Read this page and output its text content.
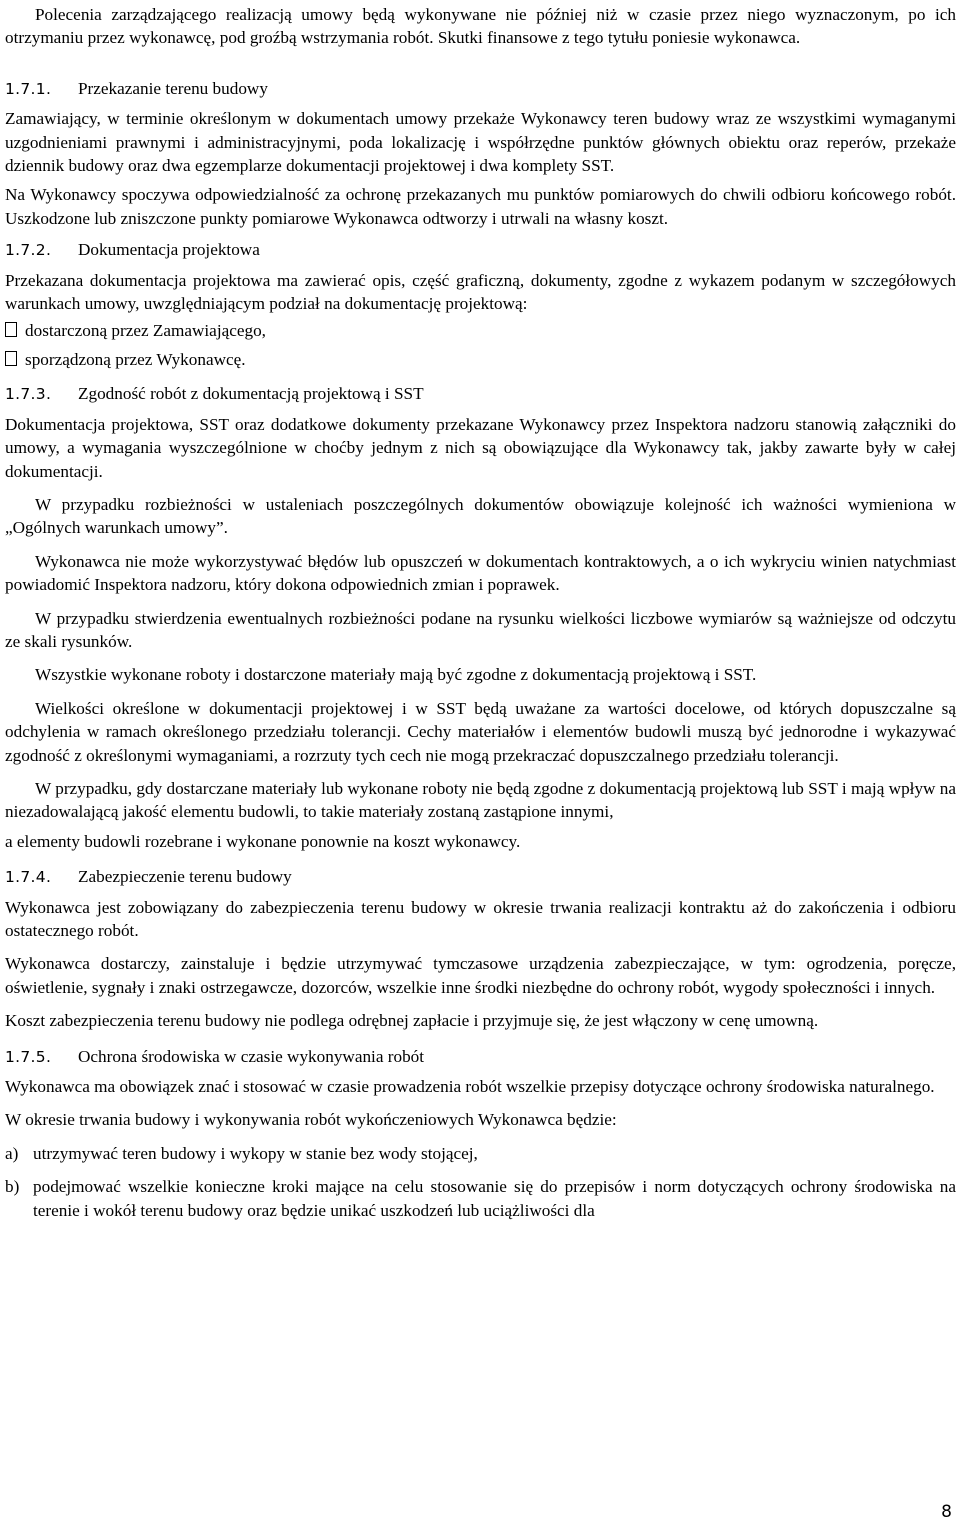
Polecenia zarządzającego realizacją umowy będą wykonywane nie później niż w czasie przez niego wyznaczonym, po ich otrzymaniu przez wykonawcę, pod groźbą wstrzymania robót. Skutki finansowe z tego tytułu poniesie wykonawca.

1.7.1. Przekazanie terenu budowy

Zamawiający, w terminie określonym w dokumentach umowy przekaże Wykonawcy teren budowy wraz ze wszystkimi wymaganymi uzgodnieniami prawnymi i administracyjnymi, poda lokalizację i współrzędne punktów głównych obiektu oraz reperów, przekaże dziennik budowy oraz dwa egzemplarze dokumentacji projektowej i dwa komplety SST.

Na Wykonawcy spoczywa odpowiedzialność za ochronę przekazanych mu punktów pomiarowych do chwili odbioru końcowego robót. Uszkodzone lub zniszczone punkty pomiarowe Wykonawca odtworzy i utrwali na własny koszt.

1.7.2. Dokumentacja projektowa

Przekazana dokumentacja projektowa ma zawierać opis, część graficzną, dokumenty, zgodne z wykazem podanym w szczegółowych warunkach umowy, uwzględniającym podział na dokumentację projektową:

dostarczoną przez Zamawiającego,
sporządzoną przez Wykonawcę.
1.7.3. Zgodność robót z dokumentacją projektową i SST

Dokumentacja projektowa, SST oraz dodatkowe dokumenty przekazane Wykonawcy przez Inspektora nadzoru stanowią załączniki do umowy, a wymagania wyszczególnione w choćby jednym z nich są obowiązujące dla Wykonawcy tak, jakby zawarte były w całej dokumentacji.

W przypadku rozbieżności w ustaleniach poszczególnych dokumentów obowiązuje kolejność ich ważności wymieniona w „Ogólnych warunkach umowy”.

Wykonawca nie może wykorzystywać błędów lub opuszczeń w dokumentach kontraktowych, a o ich wykryciu winien natychmiast powiadomić Inspektora nadzoru, który dokona odpowiednich zmian i poprawek.

W przypadku stwierdzenia ewentualnych rozbieżności podane na rysunku wielkości liczbowe wymiarów są ważniejsze od odczytu ze skali rysunków.

Wszystkie wykonane roboty i dostarczone materiały mają być zgodne z dokumentacją projektową i SST.

Wielkości określone w dokumentacji projektowej i w SST będą uważane za wartości docelowe, od których dopuszczalne są odchylenia w ramach określonego przedziału tolerancji. Cechy materiałów i elementów budowli muszą być jednorodne i wykazywać zgodność z określonymi wymaganiami, a rozrzuty tych cech nie mogą przekraczać dopuszczalnego przedziału tolerancji.

W przypadku, gdy dostarczane materiały lub wykonane roboty nie będą zgodne z dokumentacją projektową lub SST i mają wpływ na niezadowalającą jakość elementu budowli, to takie materiały zostaną zastąpione innymi,

a elementy budowli rozebrane i wykonane ponownie na koszt wykonawcy.

1.7.4. Zabezpieczenie terenu budowy

Wykonawca jest zobowiązany do zabezpieczenia terenu budowy w okresie trwania realizacji kontraktu aż do zakończenia i odbioru ostatecznego robót.

Wykonawca dostarczy, zainstaluje i będzie utrzymywać tymczasowe urządzenia zabezpieczające, w tym: ogrodzenia, poręcze, oświetlenie, sygnały i znaki ostrzegawcze, dozorców, wszelkie inne środki niezbędne do ochrony robót, wygody społeczności i innych.

Koszt zabezpieczenia terenu budowy nie podlega odrębnej zapłacie i przyjmuje się, że jest włączony w cenę umowną.

1.7.5. Ochrona środowiska w czasie wykonywania robót

Wykonawca ma obowiązek znać i stosować w czasie prowadzenia robót wszelkie przepisy dotyczące ochrony środowiska naturalnego.

W okresie trwania budowy i wykonywania robót wykończeniowych Wykonawca będzie:

a) utrzymywać teren budowy i wykopy w stanie bez wody stojącej,

b) podejmować wszelkie konieczne kroki mające na celu stosowanie się do przepisów i norm dotyczących ochrony środowiska na terenie i wokół terenu budowy oraz będzie unikać uszkodzeń lub uciążliwości dla

8
